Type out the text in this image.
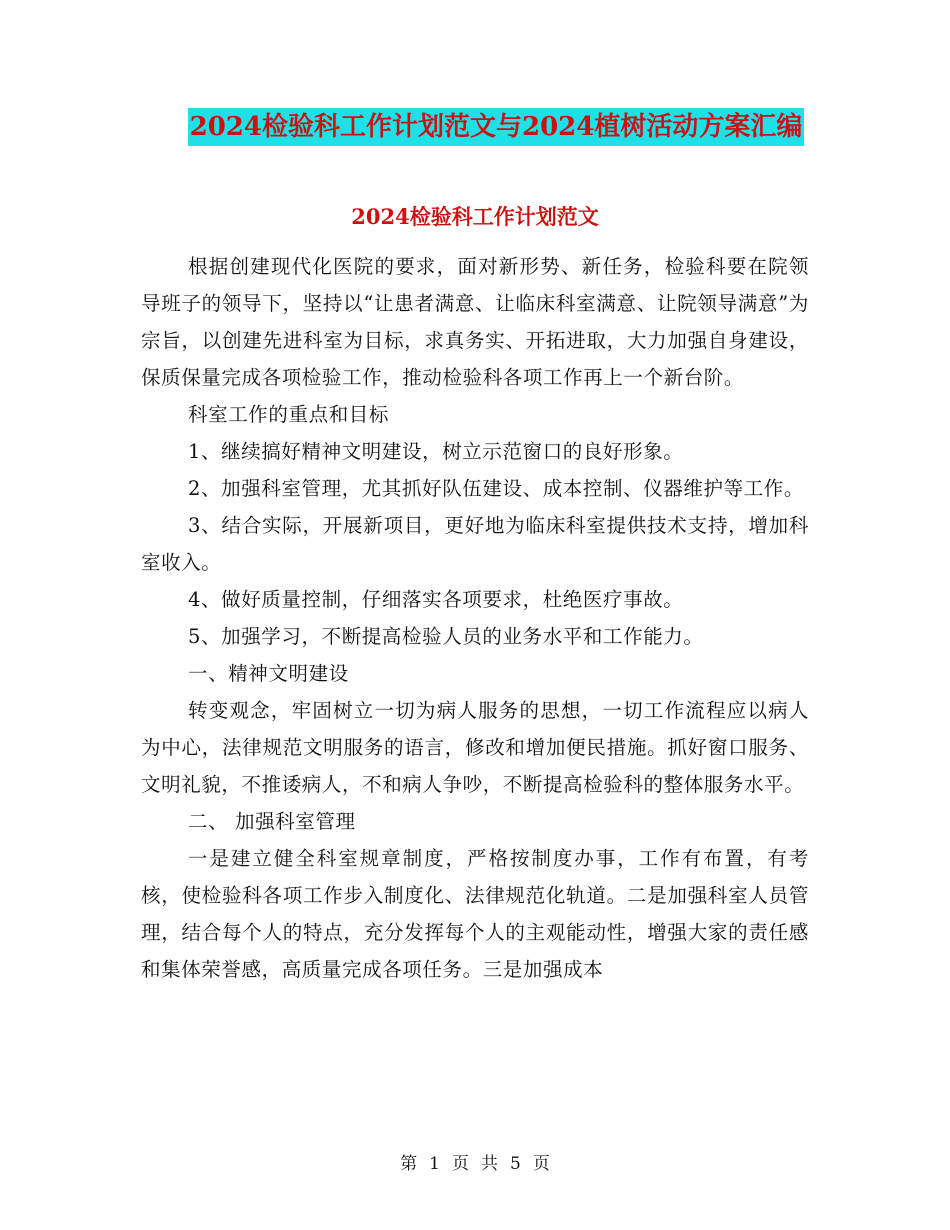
2024检验科工作计划范文与2024植树活动方案汇编
2024检验科工作计划范文

根据创建现代化医院的要求，面对新形势、新任务，检验科要在院领导班子的领导下，坚持以“让患者满意、让临床科室满意、让院领导满意”为宗旨，以创建先进科室为目标，求真务实、开拓进取，大力加强自身建设，保质保量完成各项检验工作，推动检验科各项工作再上一个新台阶。

科室工作的重点和目标

1、继续搞好精神文明建设，树立示范窗口的良好形象。

2、加强科室管理，尤其抓好队伍建设、成本控制、仪器维护等工作。

3、结合实际，开展新项目，更好地为临床科室提供技术支持，增加科室收入。

4、做好质量控制，仔细落实各项要求，杜绝医疗事故。

5、加强学习，不断提高检验人员的业务水平和工作能力。

一、精神文明建设

转变观念，牢固树立一切为病人服务的思想，一切工作流程应以病人为中心，法律规范文明服务的语言，修改和增加便民措施。抓好窗口服务、文明礼貌，不推诿病人，不和病人争吵，不断提高检验科的整体服务水平。

二、 加强科室管理

一是建立健全科室规章制度，严格按制度办事，工作有布置，有考核，使检验科各项工作步入制度化、法律规范化轨道。二是加强科室人员管理，结合每个人的特点，充分发挥每个人的主观能动性，增强大家的责任感和集体荣誉感，高质量完成各项任务。三是加强成本

第 1 页 共 5 页
